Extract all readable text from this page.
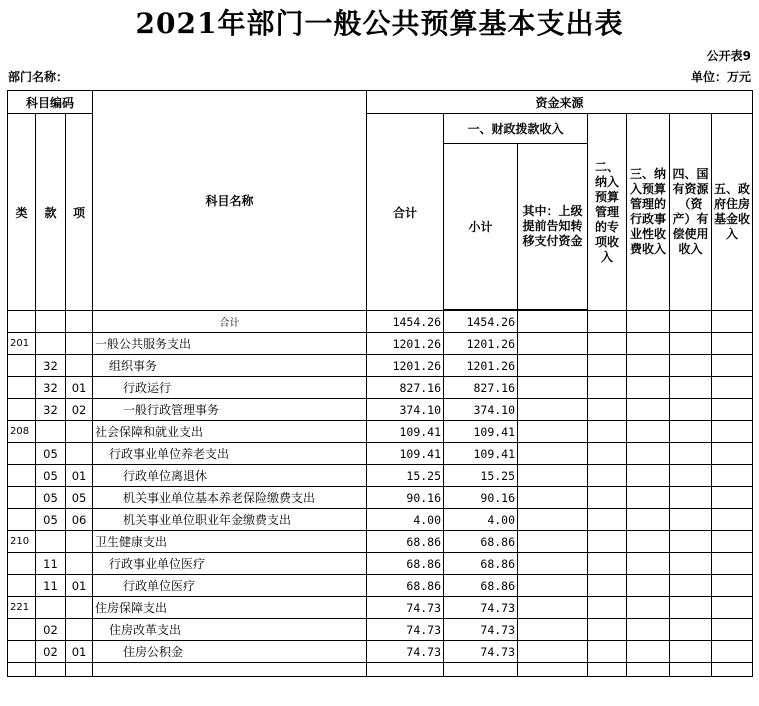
2021年部门一般公共预算基本支出表
公开表9
部门名称：	单位：万元
科目编码			科目名称	资金来源						
类	款	项		合计	一、财政拨款收入		二、纳入预算管理的专项收入	三、纳入预算管理的行政事业性收费收入	四、国有资源（资产）有偿使用收入	五、政府住房基金收入
					小计	其中：上级提前告知转移支付资金				

			合计	1454.26	1454.26					
201			一般公共服务支出	1201.26	1201.26					
	32		组织事务	1201.26	1201.26					
	32	01	行政运行	827.16	827.16					
	32	02	一般行政管理事务	374.10	374.10					
208			社会保障和就业支出	109.41	109.41					
	05		行政事业单位养老支出	109.41	109.41					
	05	01	行政单位离退休	15.25	15.25					
	05	05	机关事业单位基本养老保险缴费支出	90.16	90.16					
	05	06	机关事业单位职业年金缴费支出	4.00	4.00					
210			卫生健康支出	68.86	68.86					
	11		行政事业单位医疗	68.86	68.86					
	11	01	行政单位医疗	68.86	68.86					
221			住房保障支出	74.73	74.73					
	02		住房改革支出	74.73	74.73					
	02	01	住房公积金	74.73	74.73					
